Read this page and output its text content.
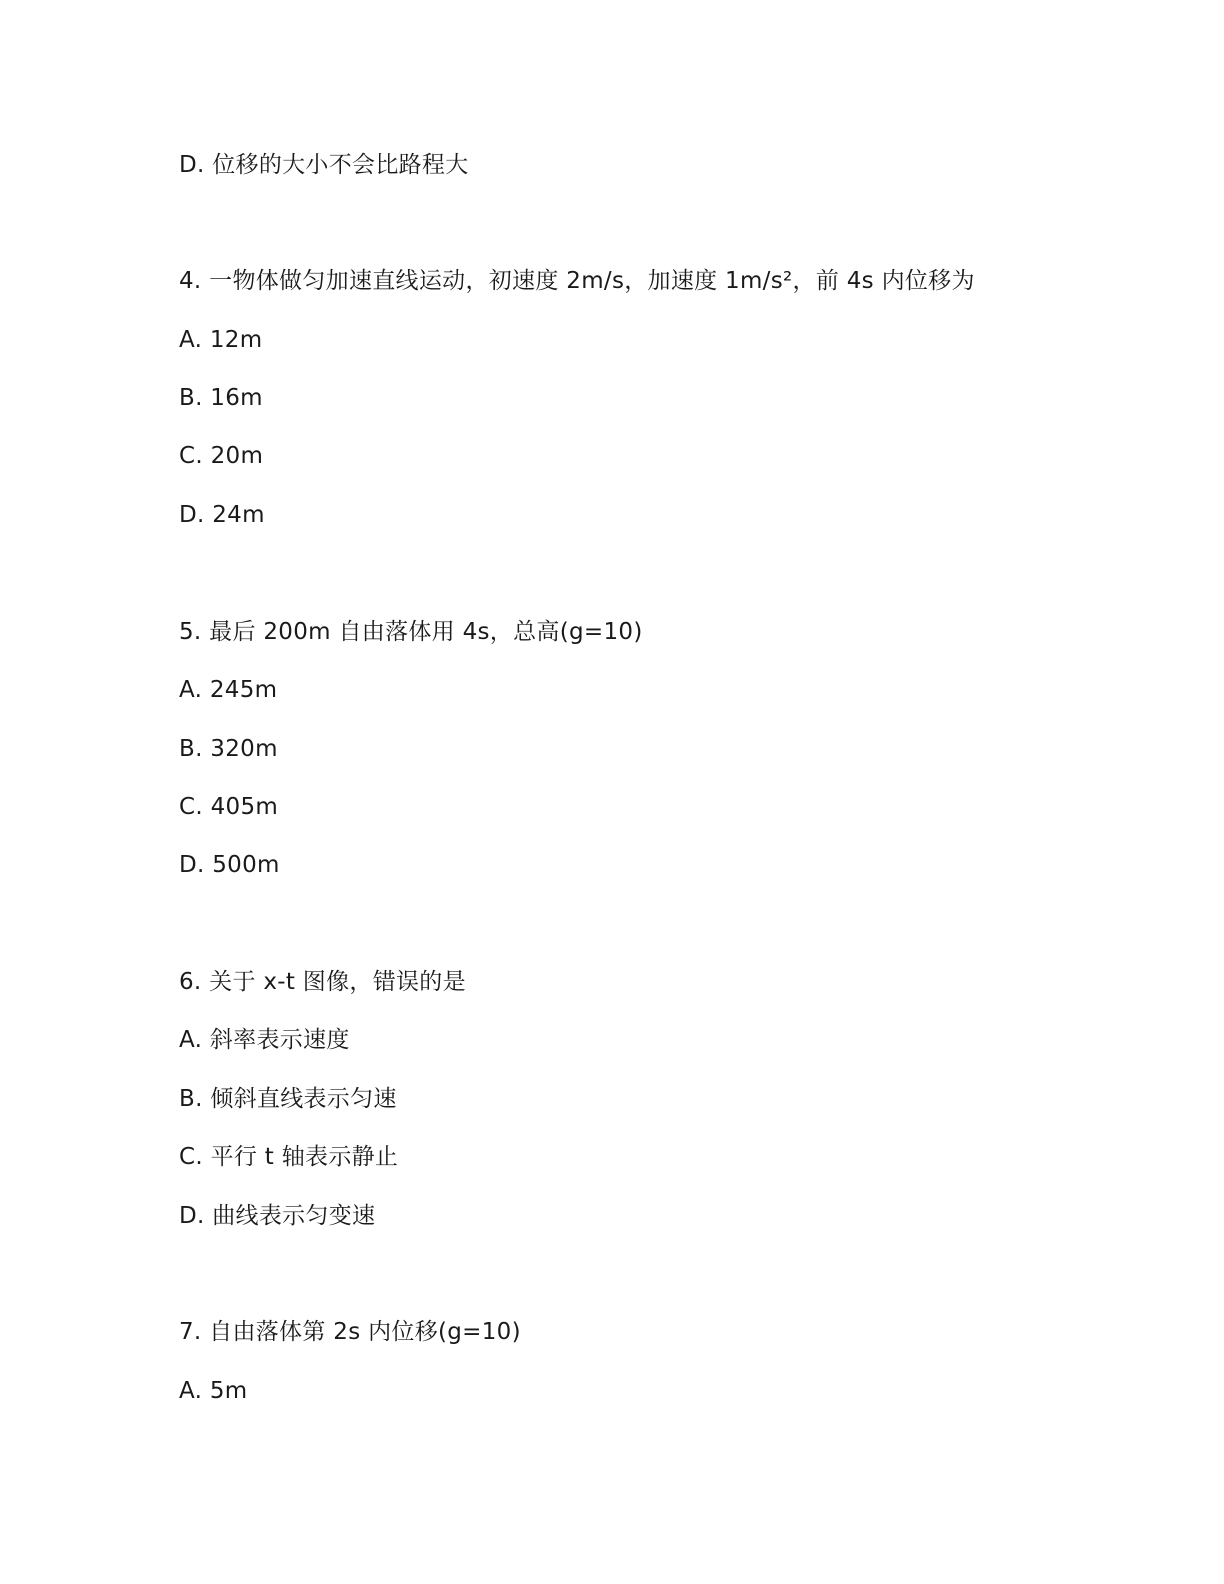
D. 位移的大小不会比路程大
4. 一物体做匀加速直线运动，初速度 2m/s，加速度 1m/s²，前 4s 内位移为
A. 12m
B. 16m
C. 20m
D. 24m
5. 最后 200m 自由落体用 4s，总高(g=10)
A. 245m
B. 320m
C. 405m
D. 500m
6. 关于 x-t 图像，错误的是
A. 斜率表示速度
B. 倾斜直线表示匀速
C. 平行 t 轴表示静止
D. 曲线表示匀变速
7. 自由落体第 2s 内位移(g=10)
A. 5m
